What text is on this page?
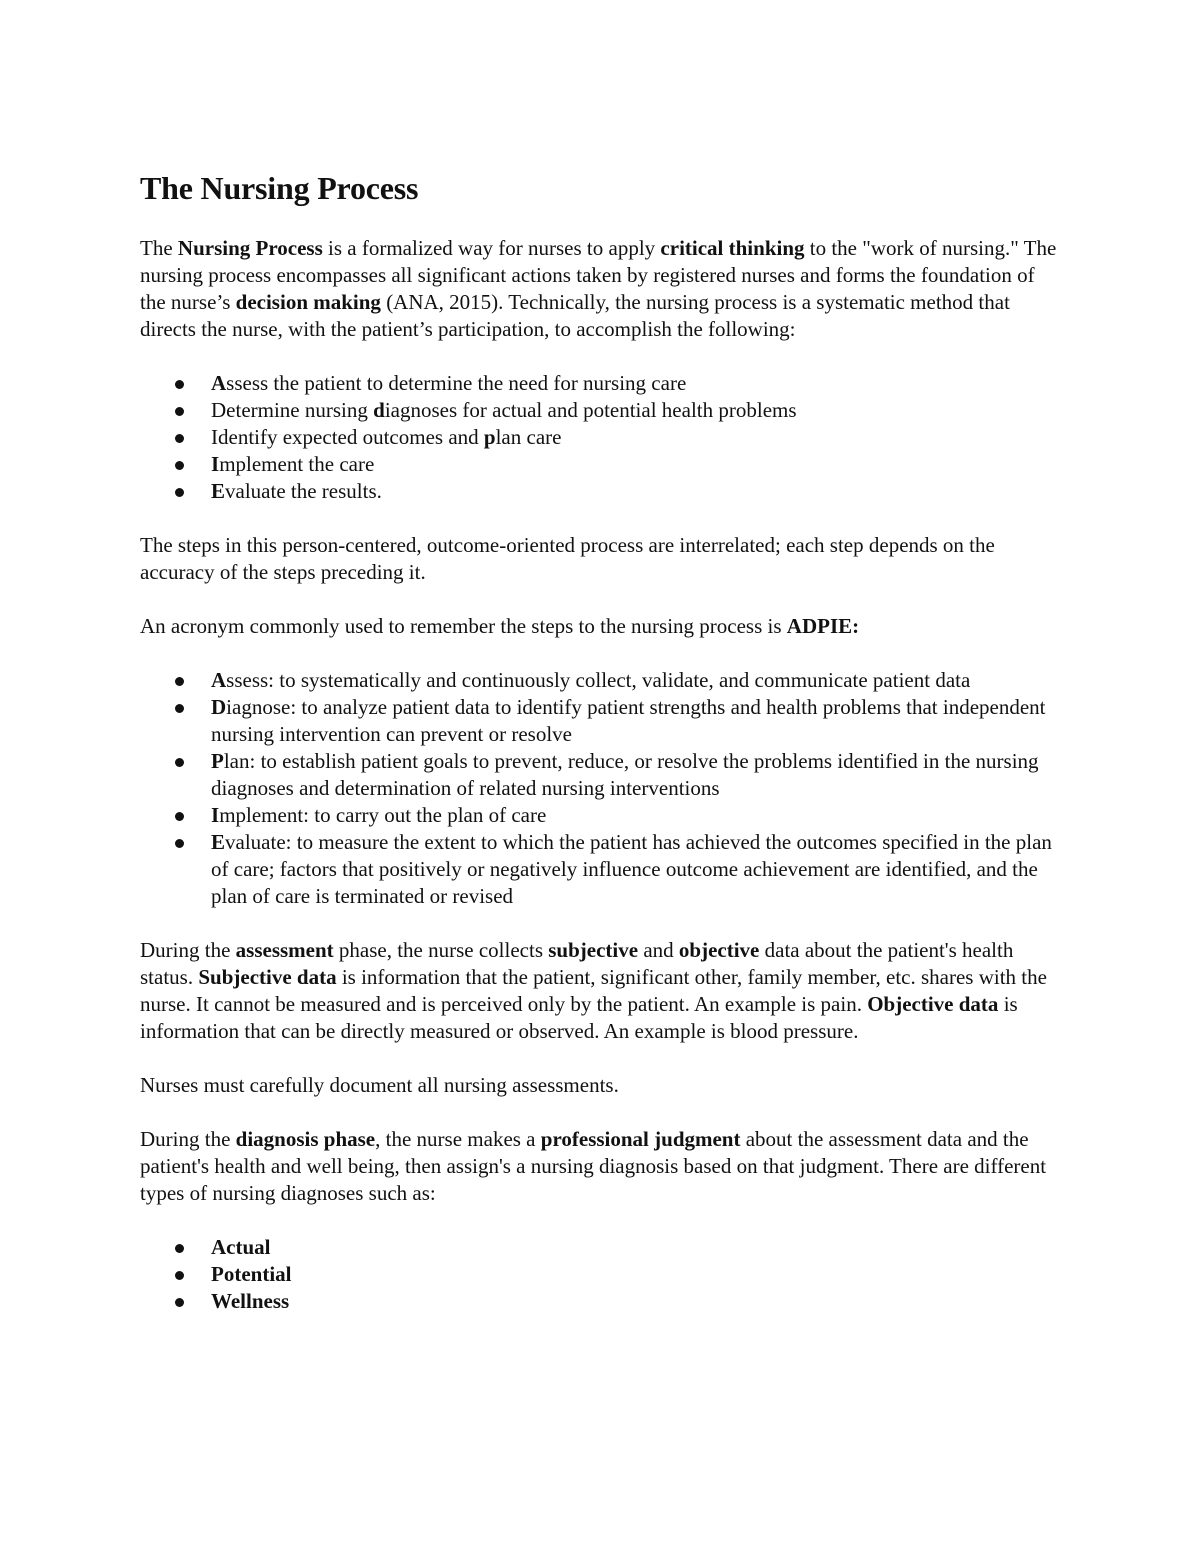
The Nursing Process

The Nursing Process is a formalized way for nurses to apply critical thinking to the "work of nursing." The nursing process encompasses all significant actions taken by registered nurses and forms the foundation of the nurse’s decision making (ANA, 2015). Technically, the nursing process is a systematic method that directs the nurse, with the patient’s participation, to accomplish the following:

Assess the patient to determine the need for nursing care
Determine nursing diagnoses for actual and potential health problems
Identify expected outcomes and plan care
Implement the care
Evaluate the results.

The steps in this person-centered, outcome-oriented process are interrelated; each step depends on the accuracy of the steps preceding it.

An acronym commonly used to remember the steps to the nursing process is ADPIE:

Assess: to systematically and continuously collect, validate, and communicate patient data
Diagnose: to analyze patient data to identify patient strengths and health problems that independent nursing intervention can prevent or resolve
Plan: to establish patient goals to prevent, reduce, or resolve the problems identified in the nursing diagnoses and determination of related nursing interventions
Implement: to carry out the plan of care
Evaluate: to measure the extent to which the patient has achieved the outcomes specified in the plan of care; factors that positively or negatively influence outcome achievement are identified, and the plan of care is terminated or revised

During the assessment phase, the nurse collects subjective and objective data about the patient's health status. Subjective data is information that the patient, significant other, family member, etc. shares with the nurse. It cannot be measured and is perceived only by the patient. An example is pain. Objective data is information that can be directly measured or observed. An example is blood pressure.

Nurses must carefully document all nursing assessments.

During the diagnosis phase, the nurse makes a professional judgment about the assessment data and the patient's health and well being, then assign's a nursing diagnosis based on that judgment. There are different types of nursing diagnoses such as:

Actual
Potential
Wellness
